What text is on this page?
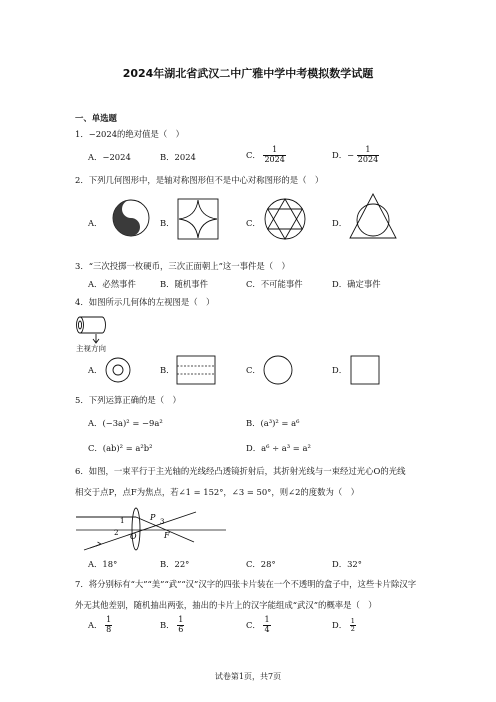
2024年湖北省武汉二中广雅中学中考模拟数学试题
一、单选题
1．−2024的绝对值是（　）
A．−2024	B．2024	C． $\frac{1}{2024}$	D．− $\frac{1}{2024}$
2．下列几何图形中，是轴对称图形但不是中心对称图形的是（　）
A．	B．	C．	D．
3．“三次投掷一枚硬币，三次正面朝上”这一事件是（　）
A．必然事件	B．随机事件	C．不可能事件	D．确定事件
4．如图所示几何体的左视图是（　）
主视方向
A．	B．	C．	D．
5．下列运算正确的是（　）
A．(−3a)² = −9a²	B．(a³)² = a⁶
C．(ab)² = a²b²	D．a⁶ ÷ a³ = a²
6．如图，一束平行于主光轴的光线经凸透镜折射后，其折射光线与一束经过光心O的光线
相交于点P，点F为焦点，若∠1 = 152°，∠3 = 50°，则∠2的度数为（　）
1
2
3
O
P
F
A．18°	B．22°	C．28°	D．32°
7．将分别标有“大”“美”“武”“汉”汉字的四张卡片装在一个不透明的盒子中，这些卡片除汉字
外无其他差别，随机抽出两张，抽出的卡片上的汉字能组成“武汉”的概率是（　）
A． $\frac{1}{8}$	B． $\frac{1}{6}$	C． $\frac{1}{4}$	D． $\frac{1}{2}$
试卷第1页，共7页
